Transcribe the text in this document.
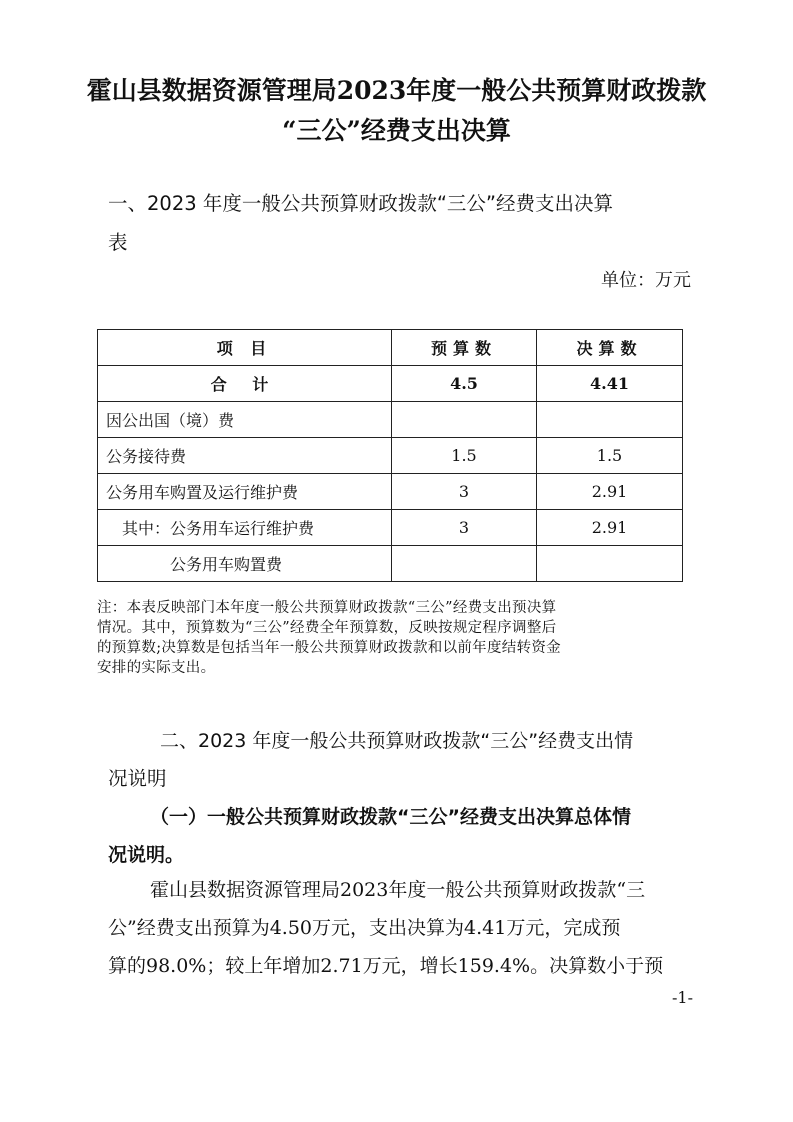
霍山县数据资源管理局2023年度一般公共预算财政拨款
“三公”经费支出决算
一、2023 年度一般公共预算财政拨款“三公”经费支出决算
表
单位：万元
项 目	预算数	决算数
合 计	4.5	4.41
因公出国（境）费		
公务接待费	1.5	1.5
公务用车购置及运行维护费	3	2.91
其中：公务用车运行维护费	3	2.91
公务用车购置费		
注：本表反映部门本年度一般公共预算财政拨款“三公”经费支出预决算
情况。其中，预算数为“三公”经费全年预算数，反映按规定程序调整后
的预算数;决算数是包括当年一般公共预算财政拨款和以前年度结转资金
安排的实际支出。
二、2023 年度一般公共预算财政拨款“三公”经费支出情
况说明
（一）一般公共预算财政拨款“三公”经费支出决算总体情
况说明。
霍山县数据资源管理局2023年度一般公共预算财政拨款“三
公”经费支出预算为4.50万元，支出决算为4.41万元，完成预
算的98.0%；较上年增加2.71万元，增长159.4%。决算数小于预
-1-
